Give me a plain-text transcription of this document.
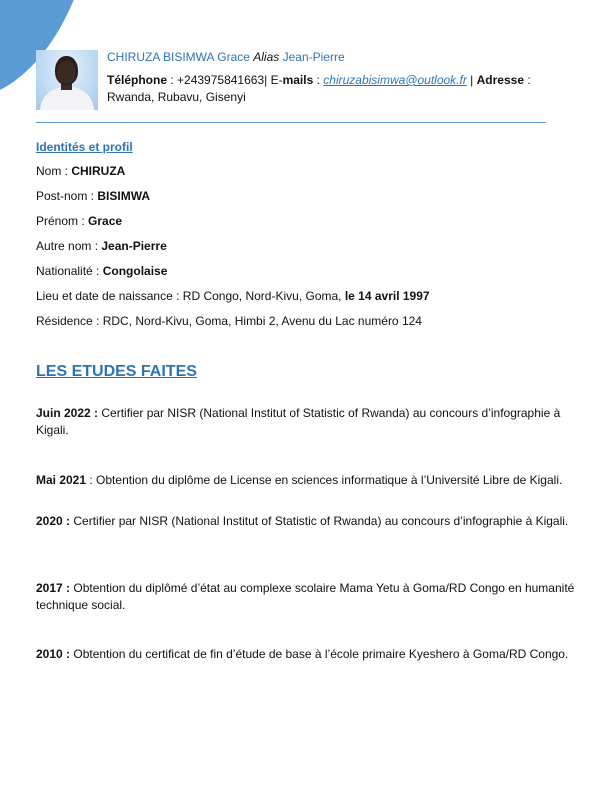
CHIRUZA BISIMWA Grace Alias Jean-Pierre
Téléphone : +243975841663| E-mails : chiruzabisimwa@outlook.fr | Adresse : Rwanda, Rubavu, Gisenyi
Identités et profil
Nom : CHIRUZA
Post-nom : BISIMWA
Prénom : Grace
Autre nom : Jean-Pierre
Nationalité : Congolaise
Lieu et date de naissance : RD Congo, Nord-Kivu, Goma, le 14 avril 1997
Résidence : RDC, Nord-Kivu, Goma, Himbi 2, Avenu du Lac numéro 124
LES ETUDES FAITES
Juin 2022 : Certifier par NISR (National Institut of Statistic of Rwanda) au concours d’infographie à Kigali.
Mai 2021 : Obtention du diplôme de License en sciences informatique à l’Université Libre de Kigali.
2020 : Certifier par NISR (National Institut of Statistic of Rwanda) au concours d’infographie à Kigali.
2017 : Obtention du diplômé d’état au complexe scolaire Mama Yetu à Goma/RD Congo en humanité technique social.
2010 : Obtention du certificat de fin d’étude de base à l’école primaire Kyeshero à Goma/RD Congo.
